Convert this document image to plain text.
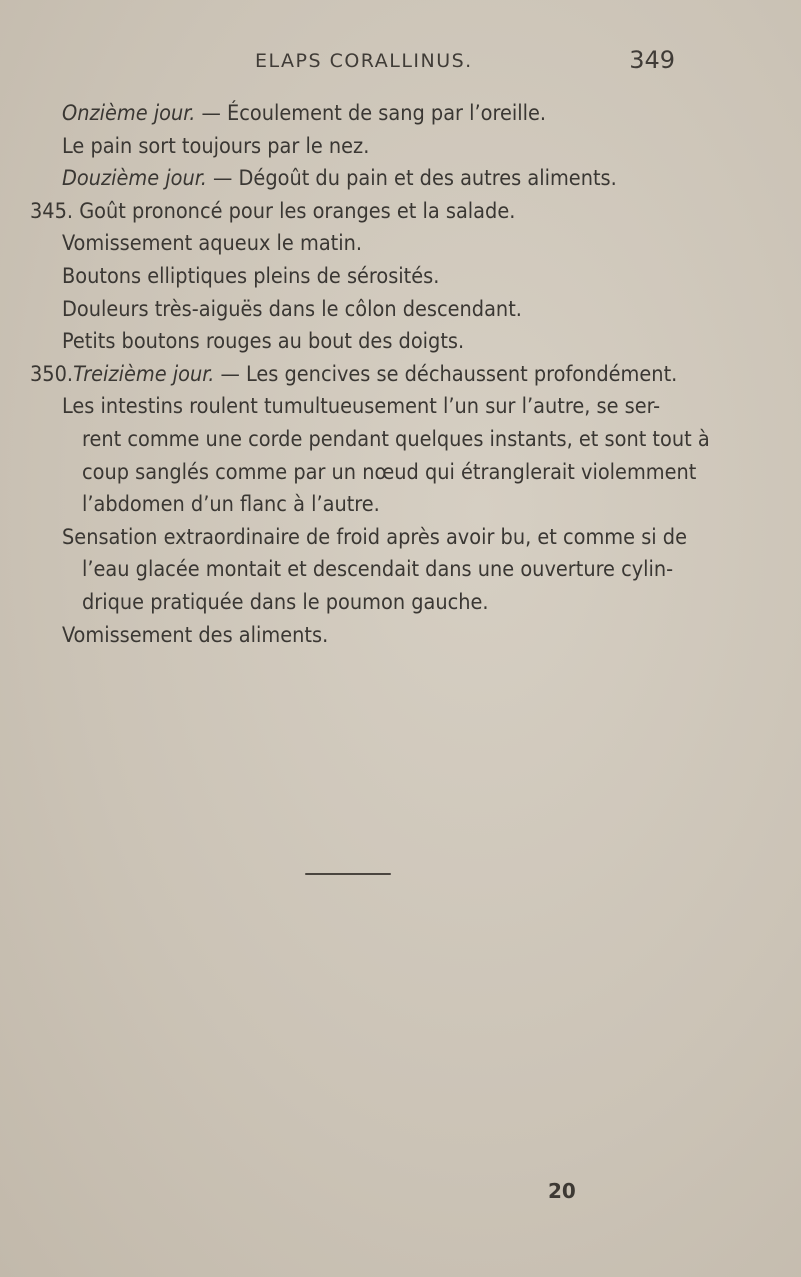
ELAPS CORALLINUS.	349
Onzième jour. — Écoulement de sang par l’oreille.
Le pain sort toujours par le nez.
Douzième jour. — Dégoût du pain et des autres aliments.
345. Goût prononcé pour les oranges et la salade.
Vomissement aqueux le matin.
Boutons elliptiques pleins de sérosités.
Douleurs très-aiguës dans le côlon descendant.
Petits boutons rouges au bout des doigts.
350.Treizième jour. — Les gencives se déchaussent profondément.
Les intestins roulent tumultueusement l’un sur l’autre, se ser-
rent comme une corde pendant quelques instants, et sont tout à
coup sanglés comme par un nœud qui étranglerait violemment
l’abdomen d’un flanc à l’autre.
Sensation extraordinaire de froid après avoir bu, et comme si de
l’eau glacée montait et descendait dans une ouverture cylin-
drique pratiquée dans le poumon gauche.
Vomissement des aliments.
20
